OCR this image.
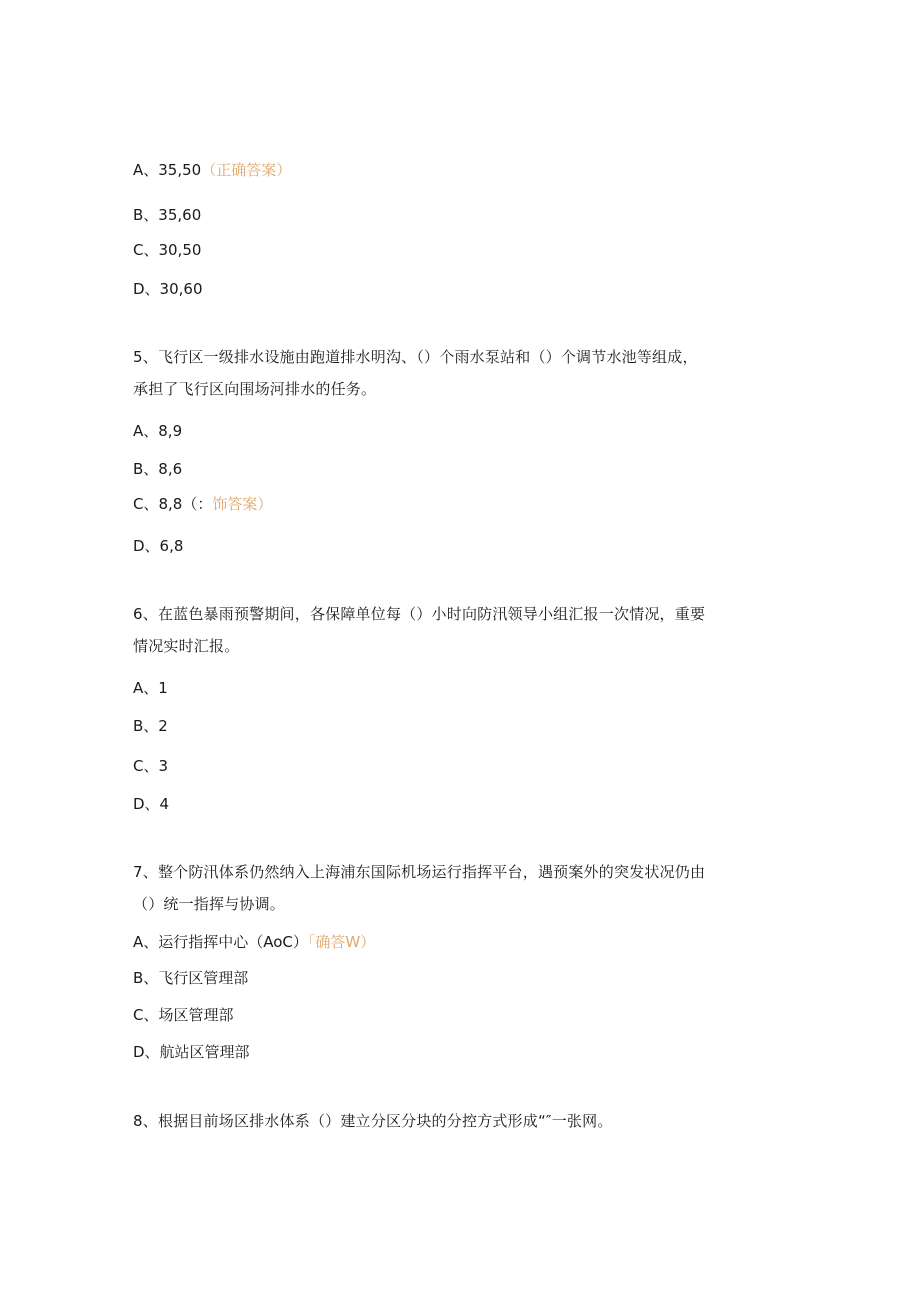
A、35,50（正确答案）
B、35,60
C、30,50
D、30,60
5、飞行区一级排水设施由跑道排水明沟、（）个雨水泵站和（）个调节水池等组成，
承担了飞行区向围场河排水的任务。
A、8,9
B、8,6
C、8,8（：饰答案）
D、6,8
6、在蓝色暴雨预警期间，各保障单位每（）小时向防汛领导小组汇报一次情况，重要
情况实时汇报。
A、1
B、2
C、3
D、4
7、整个防汛体系仍然纳入上海浦东国际机场运行指挥平台，遇预案外的突发状况仍由
（）统一指挥与协调。
A、运行指挥中心（AoC）「确答W）
B、飞行区管理部
C、场区管理部
D、航站区管理部
8、根据目前场区排水体系（）建立分区分块的分控方式形成“″一张网。
